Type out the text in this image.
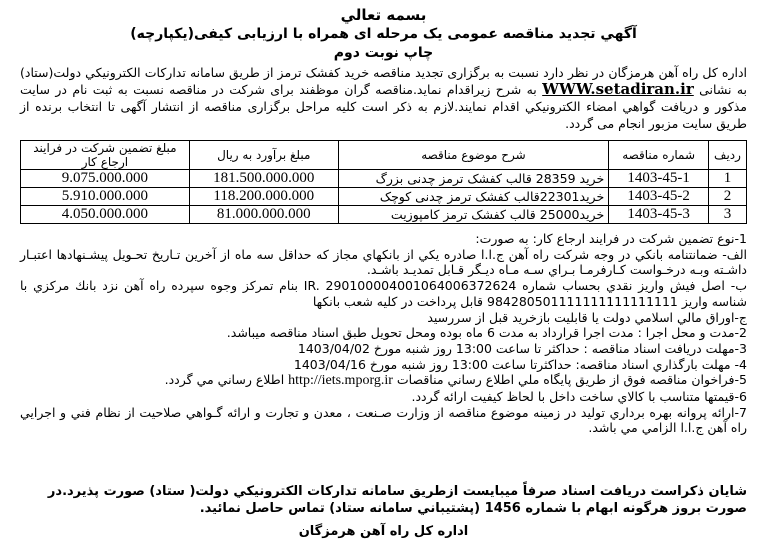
بسمه تعالي
آگهي تجديد مناقصه عمومی یک مرحله ای همراه با ارزیابی کیفی(یکپارچه)
چاپ نوبت دوم
اداره کل راه آهن هرمزگان در نظر دارد نسبت به برگزاری تجديد مناقصه خرید کفشک ترمز از طريق سامانه تداركات الكترونيكي دولت(ستاد) به نشانی WWW.setadiran.ir به شرح زیراقدام نماید.مناقصه گران موظفند برای شرکت در مناقصه نسبت به ثبت نام در سایت مذکور و دريافت گواهي امضاء الكترونيكي اقدام نمايند.لازم به ذکر است کلیه مراحل برگزاری مناقصه از انتشار آگهی تا انتخاب برنده از طریق سایت مزبور انجام می گردد.
رديف	شماره مناقصه	شرح موضوع مناقصه	مبلغ برآورد به ريال	مبلغ تضمين شركت در فرايند ارجاع كار
1	1403-45-1	خرید 28359 قالب کفشک ترمز چدنی بزرگ	181.500.000.000	9.075.000.000
2	1403-45-2	خرید22301قالب کفشک ترمز چدنی کوچک	118.200.000.000	5.910.000.000
3	1403-45-3	خرید25000 قالب کفشک ترمز کامپوزیت	81.000.000.000	4.050.000.000

1-نوع تضمين شركت در فرايند ارجاع كار: به صورت:

الف- ضمانتنامه بانكي در وجه شركت راه آهن ج.ا.ا صادره يكي از بانكهاي مجاز كه حداقل سه ماه از آخرين تـاريخ تحـويل پيشـنهادها اعتبـار داشـته وبـه درخـواست كـارفرمـا بـراي سـه مـاه ديـگر قـابل تمديـد باشـد.

ب- اصل فيش واريز نقدي بحساب شماره IR. 290100004001064006372624 بنام تمركز وجوه سپرده راه آهن نزد بانك مركزي با شناسه واريز 984280501111111111111111 قابل پرداخت در كليه شعب بانكها

ج-اوراق مالي اسلامي دولت يا قابليت بازخريد قبل از سررسيد

2-مدت و محل اجرا : مدت اجرا قرارداد به مدت 6 ماه بوده ومحل تحويل طبق اسناد مناقصه ميباشد.

3-مهلت دريافت اسناد مناقصه : حداكثر تا ساعت 13:00 روز شنبه مورخ 1403/04/02

4- مهلت بارگذاري اسناد مناقصه: حداكثرتا ساعت 13:00 روز شنبه مورخ 1403/04/16

5-فراخوان مناقصه فوق از طريق پايگاه ملي اطلاع رساني مناقصات http://iets.mporg.ir اطلاع رساني مي گردد.

6-قيمتها متناسب با كالاي ساخت داخل با لحاظ كيفيت ارائه گردد.

7-ارائه پروانه بهره برداري توليد در زمينه موضوع مناقصه از وزارت صـنعت ، معدن و تجارت و ارائه گـواهي صلاحيت از نظام فني و اجرايي راه آهن ج.ا.ا الزامي مي باشد.

شايان ذکراست دريافت اسناد صرفاً ميبايست ازطريق سامانه تدارکات الکترونيکي دولت( ستاد) صورت پذيرد.در صورت بروز هرگونه ابهام با شماره 1456 (پشتيباني سامانه ستاد) تماس حاصل نمائيد.
اداره کل راه آهن هرمزگان
